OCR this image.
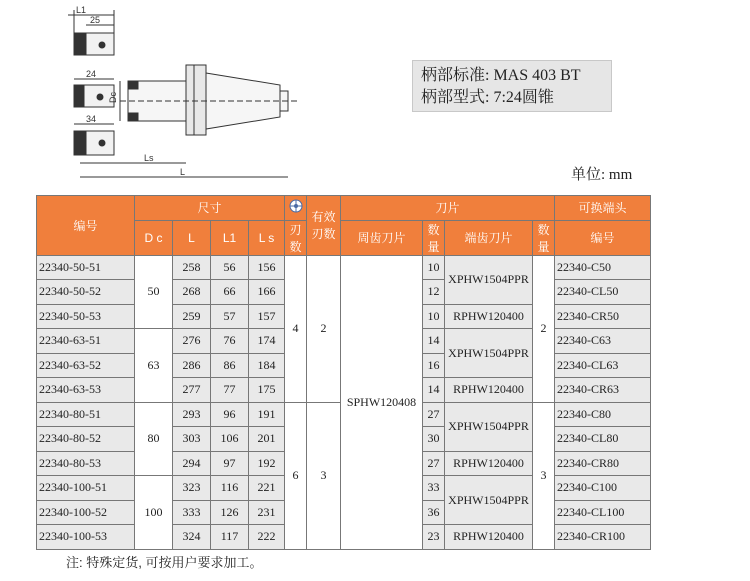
L1
25
24
34
Dc
Ls
L
柄部标准: MAS 403 BT
柄部型式: 7:24圆锥
单位: mm
编号	尺寸					有效刃数	刀片				可换端头
	D c	L	L1	L s	刃数		周齿刀片	数量	端齿刀片	数量	编号
22340-50-51	50	258	56	156	4	2	SPHW120408	10	XPHW1504PPR	2	22340-C50
22340-50-52		268	66	166				12			22340-CL50
22340-50-53		259	57	157				10	RPHW120400		22340-CR50
22340-63-51	63	276	76	174				14	XPHW1504PPR		22340-C63
22340-63-52		286	86	184				16			22340-CL63
22340-63-53		277	77	175				14	RPHW120400		22340-CR63
22340-80-51	80	293	96	191	6	3		27	XPHW1504PPR	3	22340-C80
22340-80-52		303	106	201				30			22340-CL80
22340-80-53		294	97	192				27	RPHW120400		22340-CR80
22340-100-51	100	323	116	221				33	XPHW1504PPR		22340-C100
22340-100-52		333	126	231				36			22340-CL100
22340-100-53		324	117	222				23	RPHW120400		22340-CR100
注: 特殊定货, 可按用户要求加工。
